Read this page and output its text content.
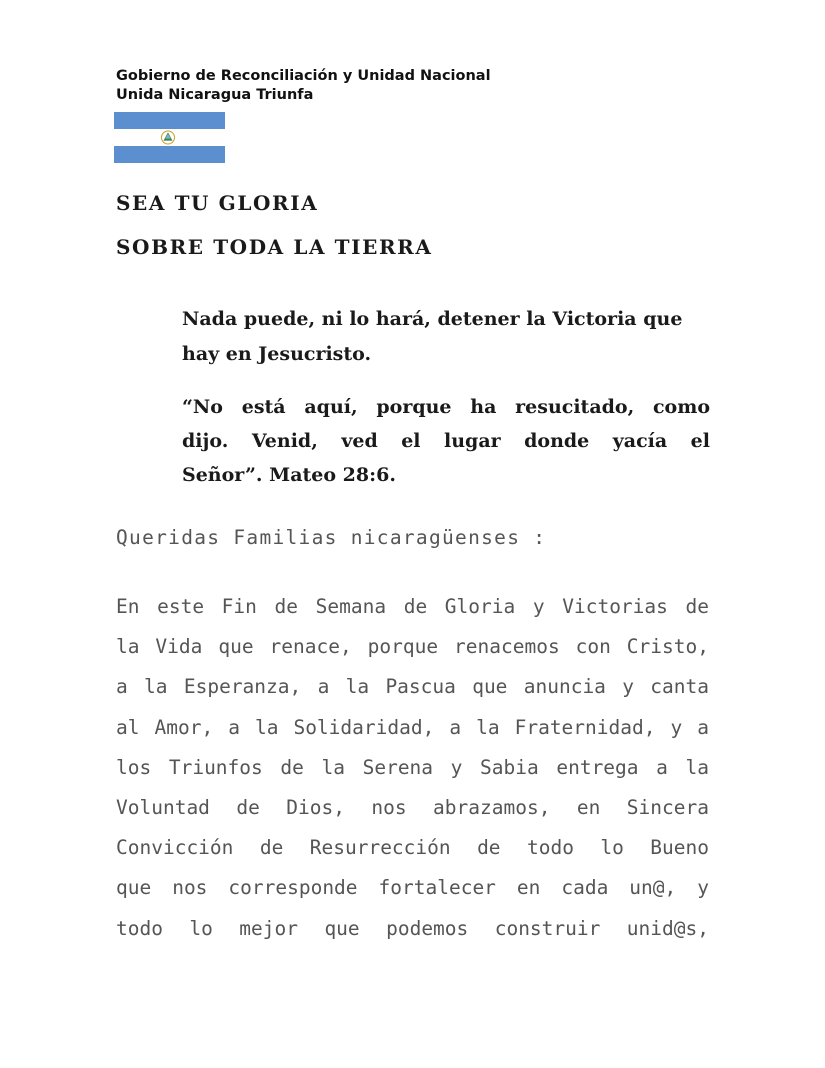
Gobierno de Reconciliación y Unidad Nacional
Unida Nicaragua Triunfa

SEA TU GLORIA
SOBRE TODA LA TIERRA

Nada puede, ni lo hará, detener la Victoria que hay en Jesucristo.

“No está aquí, porque ha resucitado, como
dijo. Venid, ved el lugar donde yacía el
Señor”. Mateo 28:6.

Queridas Familias nicaragüenses :

En este Fin de Semana de Gloria y Victorias de
la Vida que renace, porque renacemos con Cristo,
a la Esperanza, a la Pascua que anuncia y canta
al Amor, a la Solidaridad, a la Fraternidad, y a
los Triunfos de la Serena y Sabia entrega a la
Voluntad de Dios, nos abrazamos, en Sincera
Convicción de Resurrección de todo lo Bueno
que nos corresponde fortalecer en cada un@, y
todo lo mejor que podemos construir unid@s,
